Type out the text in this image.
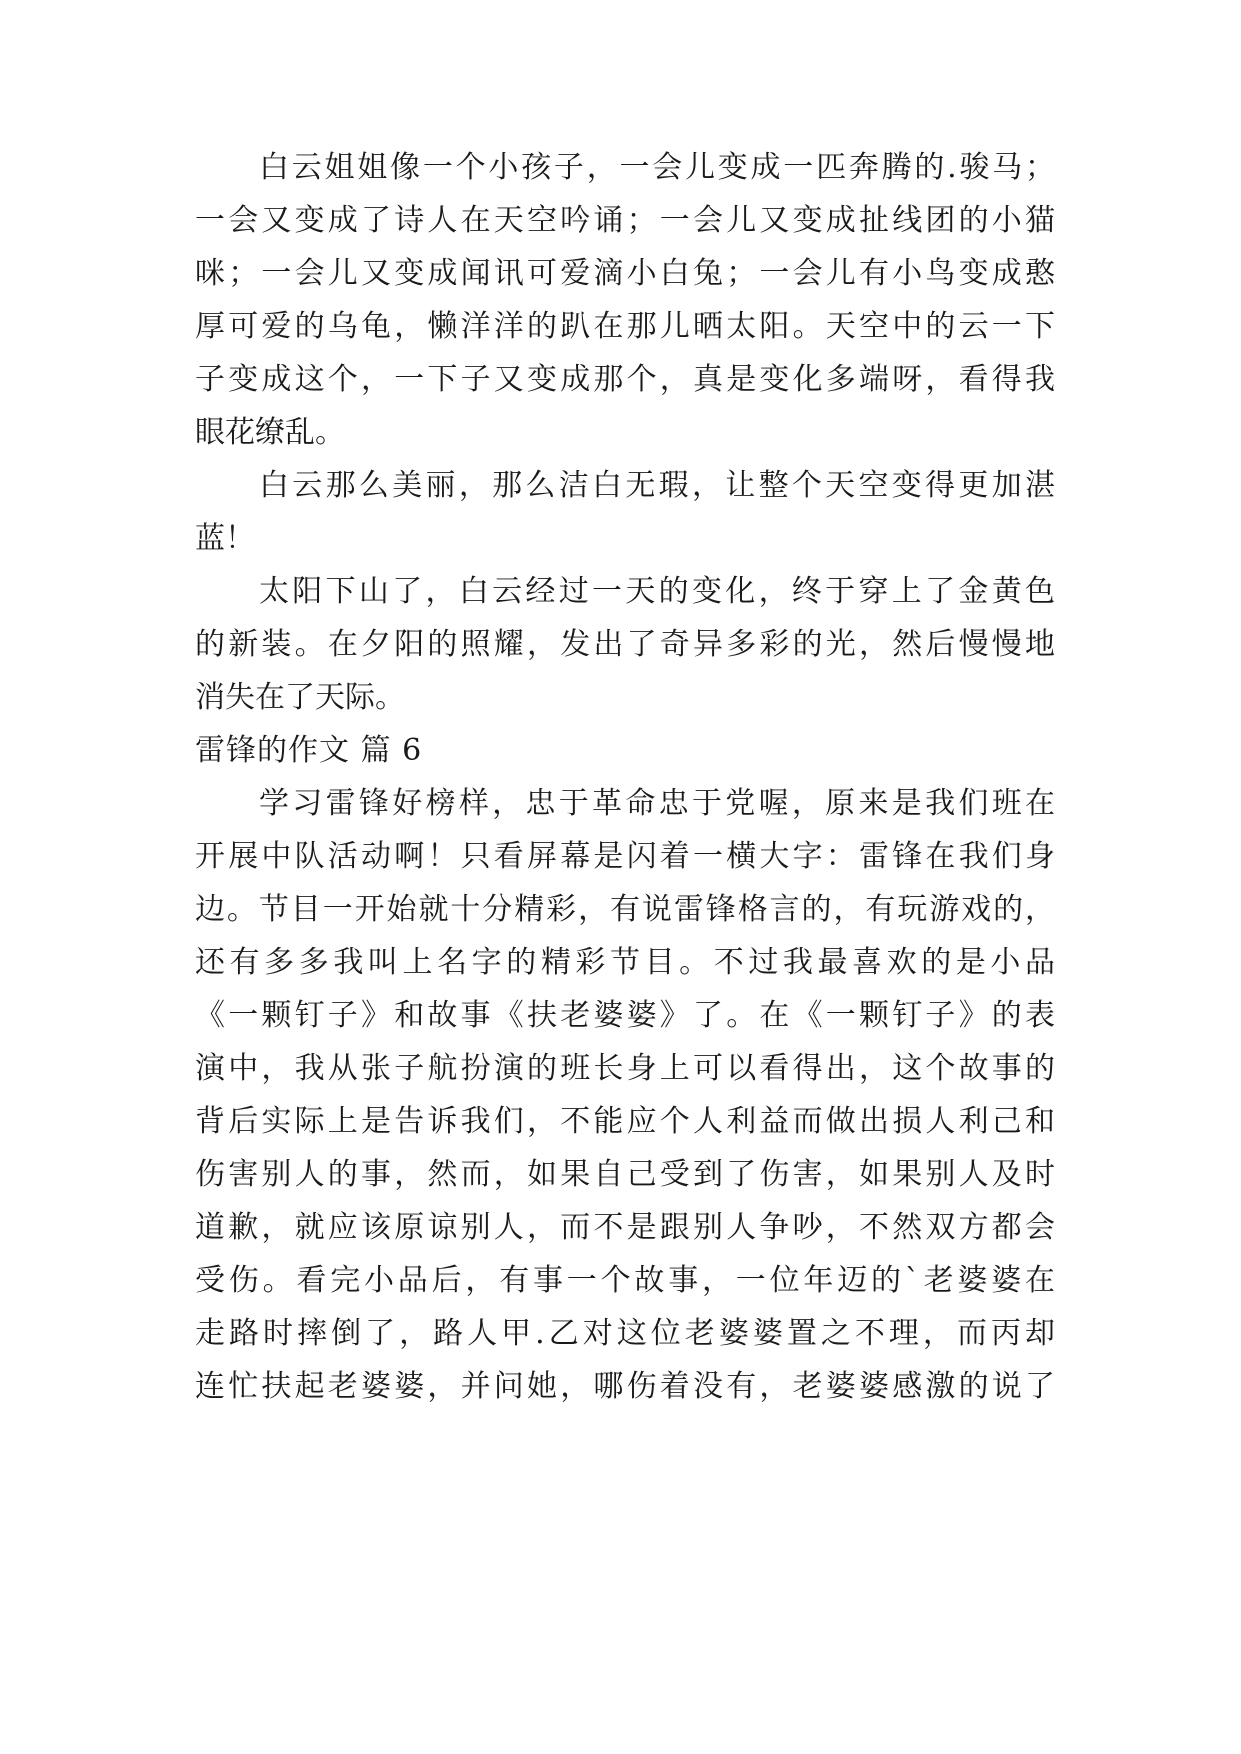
白云姐姐像一个小孩子，一会儿变成一匹奔腾的.骏马；

一会又变成了诗人在天空吟诵；一会儿又变成扯线团的小猫

咪；一会儿又变成闻讯可爱滴小白兔；一会儿有小鸟变成憨

厚可爱的乌龟，懒洋洋的趴在那儿晒太阳。天空中的云一下

子变成这个，一下子又变成那个，真是变化多端呀，看得我

眼花缭乱。

白云那么美丽，那么洁白无瑕，让整个天空变得更加湛

蓝！

太阳下山了，白云经过一天的变化，终于穿上了金黄色

的新装。在夕阳的照耀，发出了奇异多彩的光，然后慢慢地

消失在了天际。

雷锋的作文 篇 6

学习雷锋好榜样，忠于革命忠于党喔，原来是我们班在

开展中队活动啊！只看屏幕是闪着一横大字：雷锋在我们身

边。节目一开始就十分精彩，有说雷锋格言的，有玩游戏的，

还有多多我叫上名字的精彩节目。不过我最喜欢的是小品

《一颗钉子》和故事《扶老婆婆》了。在《一颗钉子》的表

演中，我从张子航扮演的班长身上可以看得出，这个故事的

背后实际上是告诉我们，不能应个人利益而做出损人利己和

伤害别人的事，然而，如果自己受到了伤害，如果别人及时

道歉，就应该原谅别人，而不是跟别人争吵，不然双方都会

受伤。看完小品后，有事一个故事，一位年迈的`老婆婆在

走路时摔倒了，路人甲.乙对这位老婆婆置之不理，而丙却

连忙扶起老婆婆，并问她，哪伤着没有，老婆婆感激的说了
